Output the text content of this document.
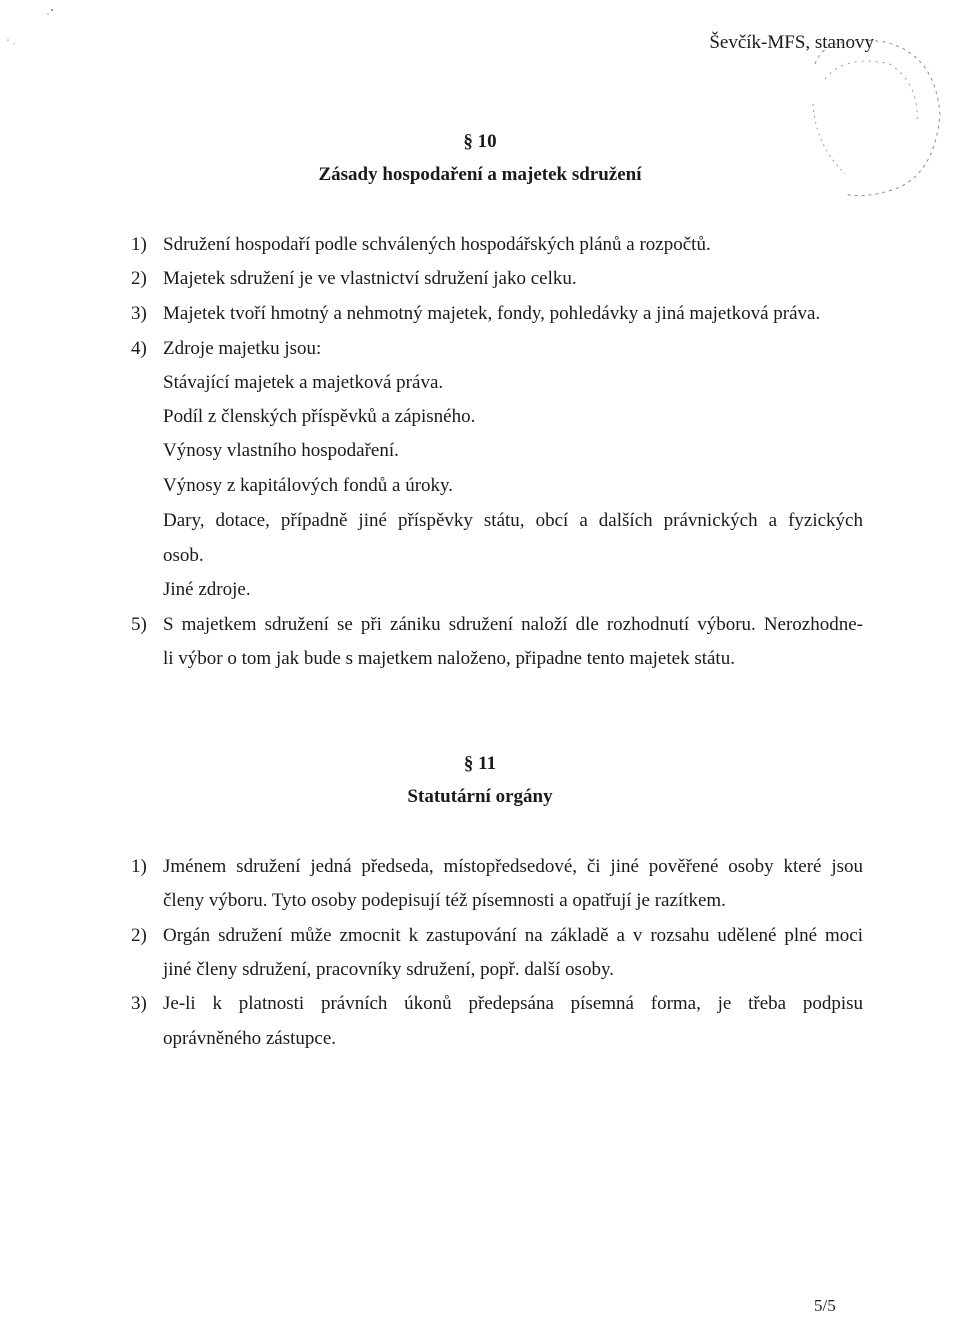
Ševčík-MFS, stanovy
§ 10
Zásady hospodaření a majetek sdružení
1) Sdružení hospodaří podle schválených hospodářských plánů a rozpočtů.
2) Majetek sdružení je ve vlastnictví sdružení jako celku.
3) Majetek tvoří hmotný a nehmotný majetek, fondy, pohledávky a jiná majetková práva.
4) Zdroje majetku jsou:
Stávající majetek a majetková práva.
Podíl z členských příspěvků a zápisného.
Výnosy vlastního hospodaření.
Výnosy z kapitálových fondů a úroky.
Dary, dotace, případně jiné příspěvky státu, obcí a dalších právnických a fyzických
osob.
Jiné zdroje.
5) S majetkem sdružení se při zániku sdružení naloží dle rozhodnutí výboru. Nerozhodne-
li výbor o tom jak bude s majetkem naloženo, připadne tento majetek státu.
§ 11
Statutární orgány
1) Jménem sdružení jedná předseda, místopředsedové, či jiné pověřené osoby které jsou
členy výboru. Tyto osoby podepisují též písemnosti a opatřují je razítkem.
2) Orgán sdružení může zmocnit k zastupování na základě a v rozsahu udělené plné moci
jiné členy sdružení, pracovníky sdružení, popř. další osoby.
3) Je-li k platnosti právních úkonů předepsána písemná forma, je třeba podpisu
oprávněného zástupce.
5/5
